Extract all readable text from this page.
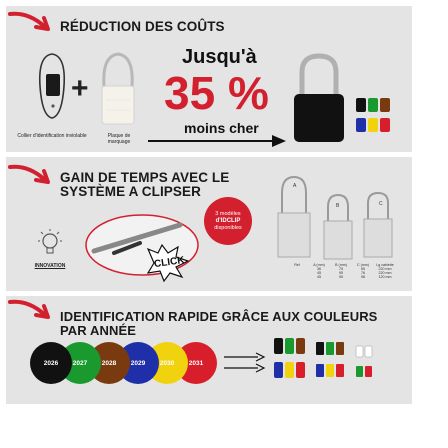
RÉDUCTION DES COÛTS
Collier d'identification inviolable
+
Plaque de marquage
Jusqu'à
35 %
moins cher
GAIN DE TEMPS AVEC LE
SYSTÈME A CLIPSER
INNOVATION	CLICK
3 modèles
d'IDCLIP
disponibles
A
B	C
Ref	A (mm)	B (mm)	C (mm)	Lg cablette
36	75	65	220 mm
45	95	76	220 mm
45	95	98	120 mm
IDENTIFICATION RAPIDE GRÂCE AUX COULEURS
PAR ANNÉE
2026	2027	2028	2029	2030	2031
